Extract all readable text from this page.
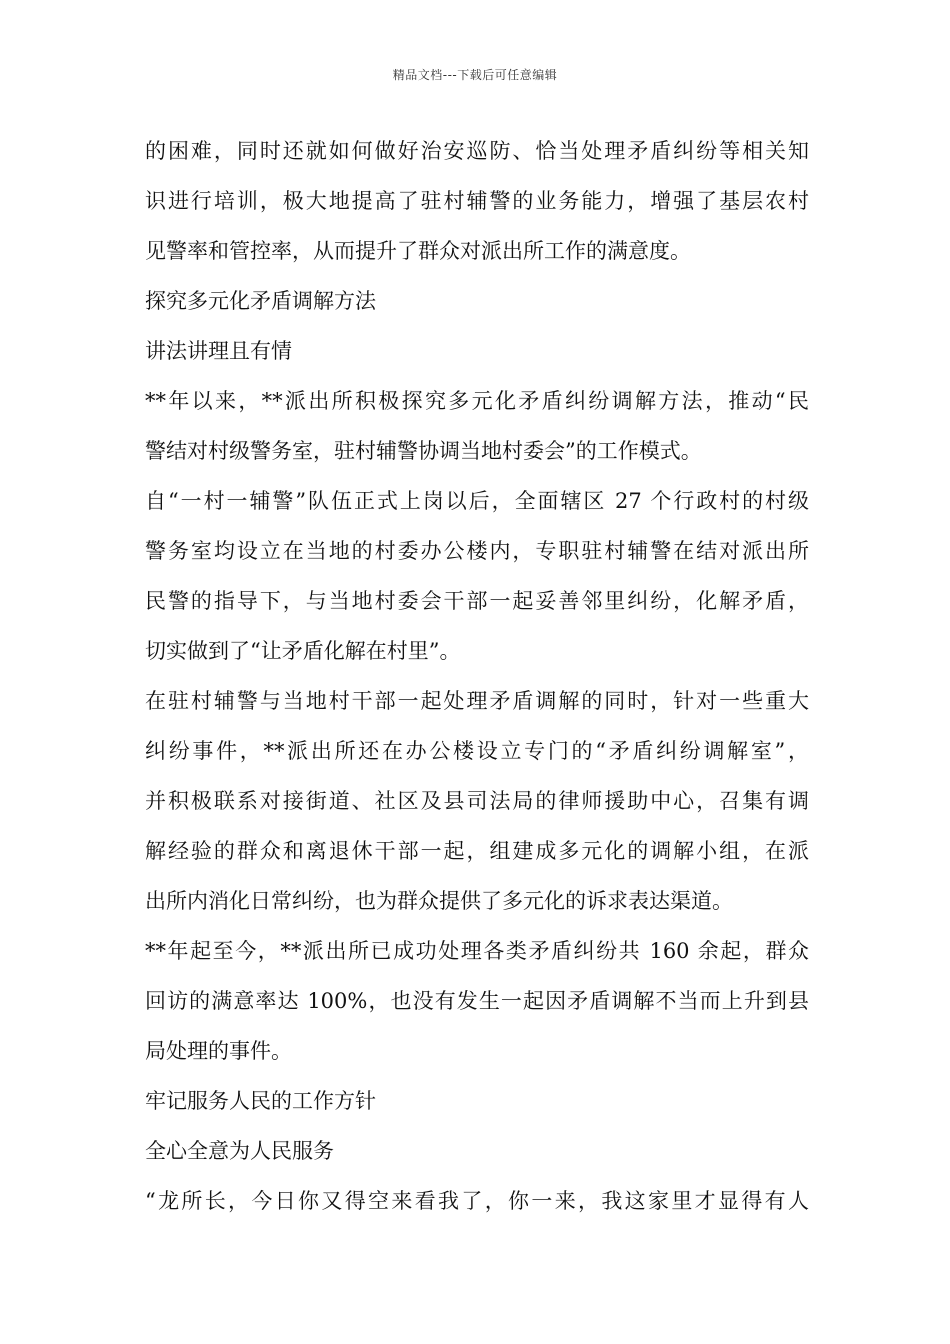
精品文档---下载后可任意编辑
的困难，同时还就如何做好治安巡防、恰当处理矛盾纠纷等相关知
识进行培训，极大地提高了驻村辅警的业务能力，增强了基层农村
见警率和管控率，从而提升了群众对派出所工作的满意度。
探究多元化矛盾调解方法
讲法讲理且有情
**年以来，**派出所积极探究多元化矛盾纠纷调解方法，推动“民
警结对村级警务室，驻村辅警协调当地村委会”的工作模式。
自“一村一辅警”队伍正式上岗以后，全面辖区 27 个行政村的村级
警务室均设立在当地的村委办公楼内，专职驻村辅警在结对派出所
民警的指导下，与当地村委会干部一起妥善邻里纠纷，化解矛盾，
切实做到了“让矛盾化解在村里”。
在驻村辅警与当地村干部一起处理矛盾调解的同时，针对一些重大
纠纷事件，**派出所还在办公楼设立专门的“矛盾纠纷调解室”，
并积极联系对接街道、社区及县司法局的律师援助中心，召集有调
解经验的群众和离退休干部一起，组建成多元化的调解小组，在派
出所内消化日常纠纷，也为群众提供了多元化的诉求表达渠道。
**年起至今，**派出所已成功处理各类矛盾纠纷共 160 余起，群众
回访的满意率达 100%，也没有发生一起因矛盾调解不当而上升到县
局处理的事件。
牢记服务人民的工作方针
全心全意为人民服务
“龙所长，今日你又得空来看我了，你一来，我这家里才显得有人
